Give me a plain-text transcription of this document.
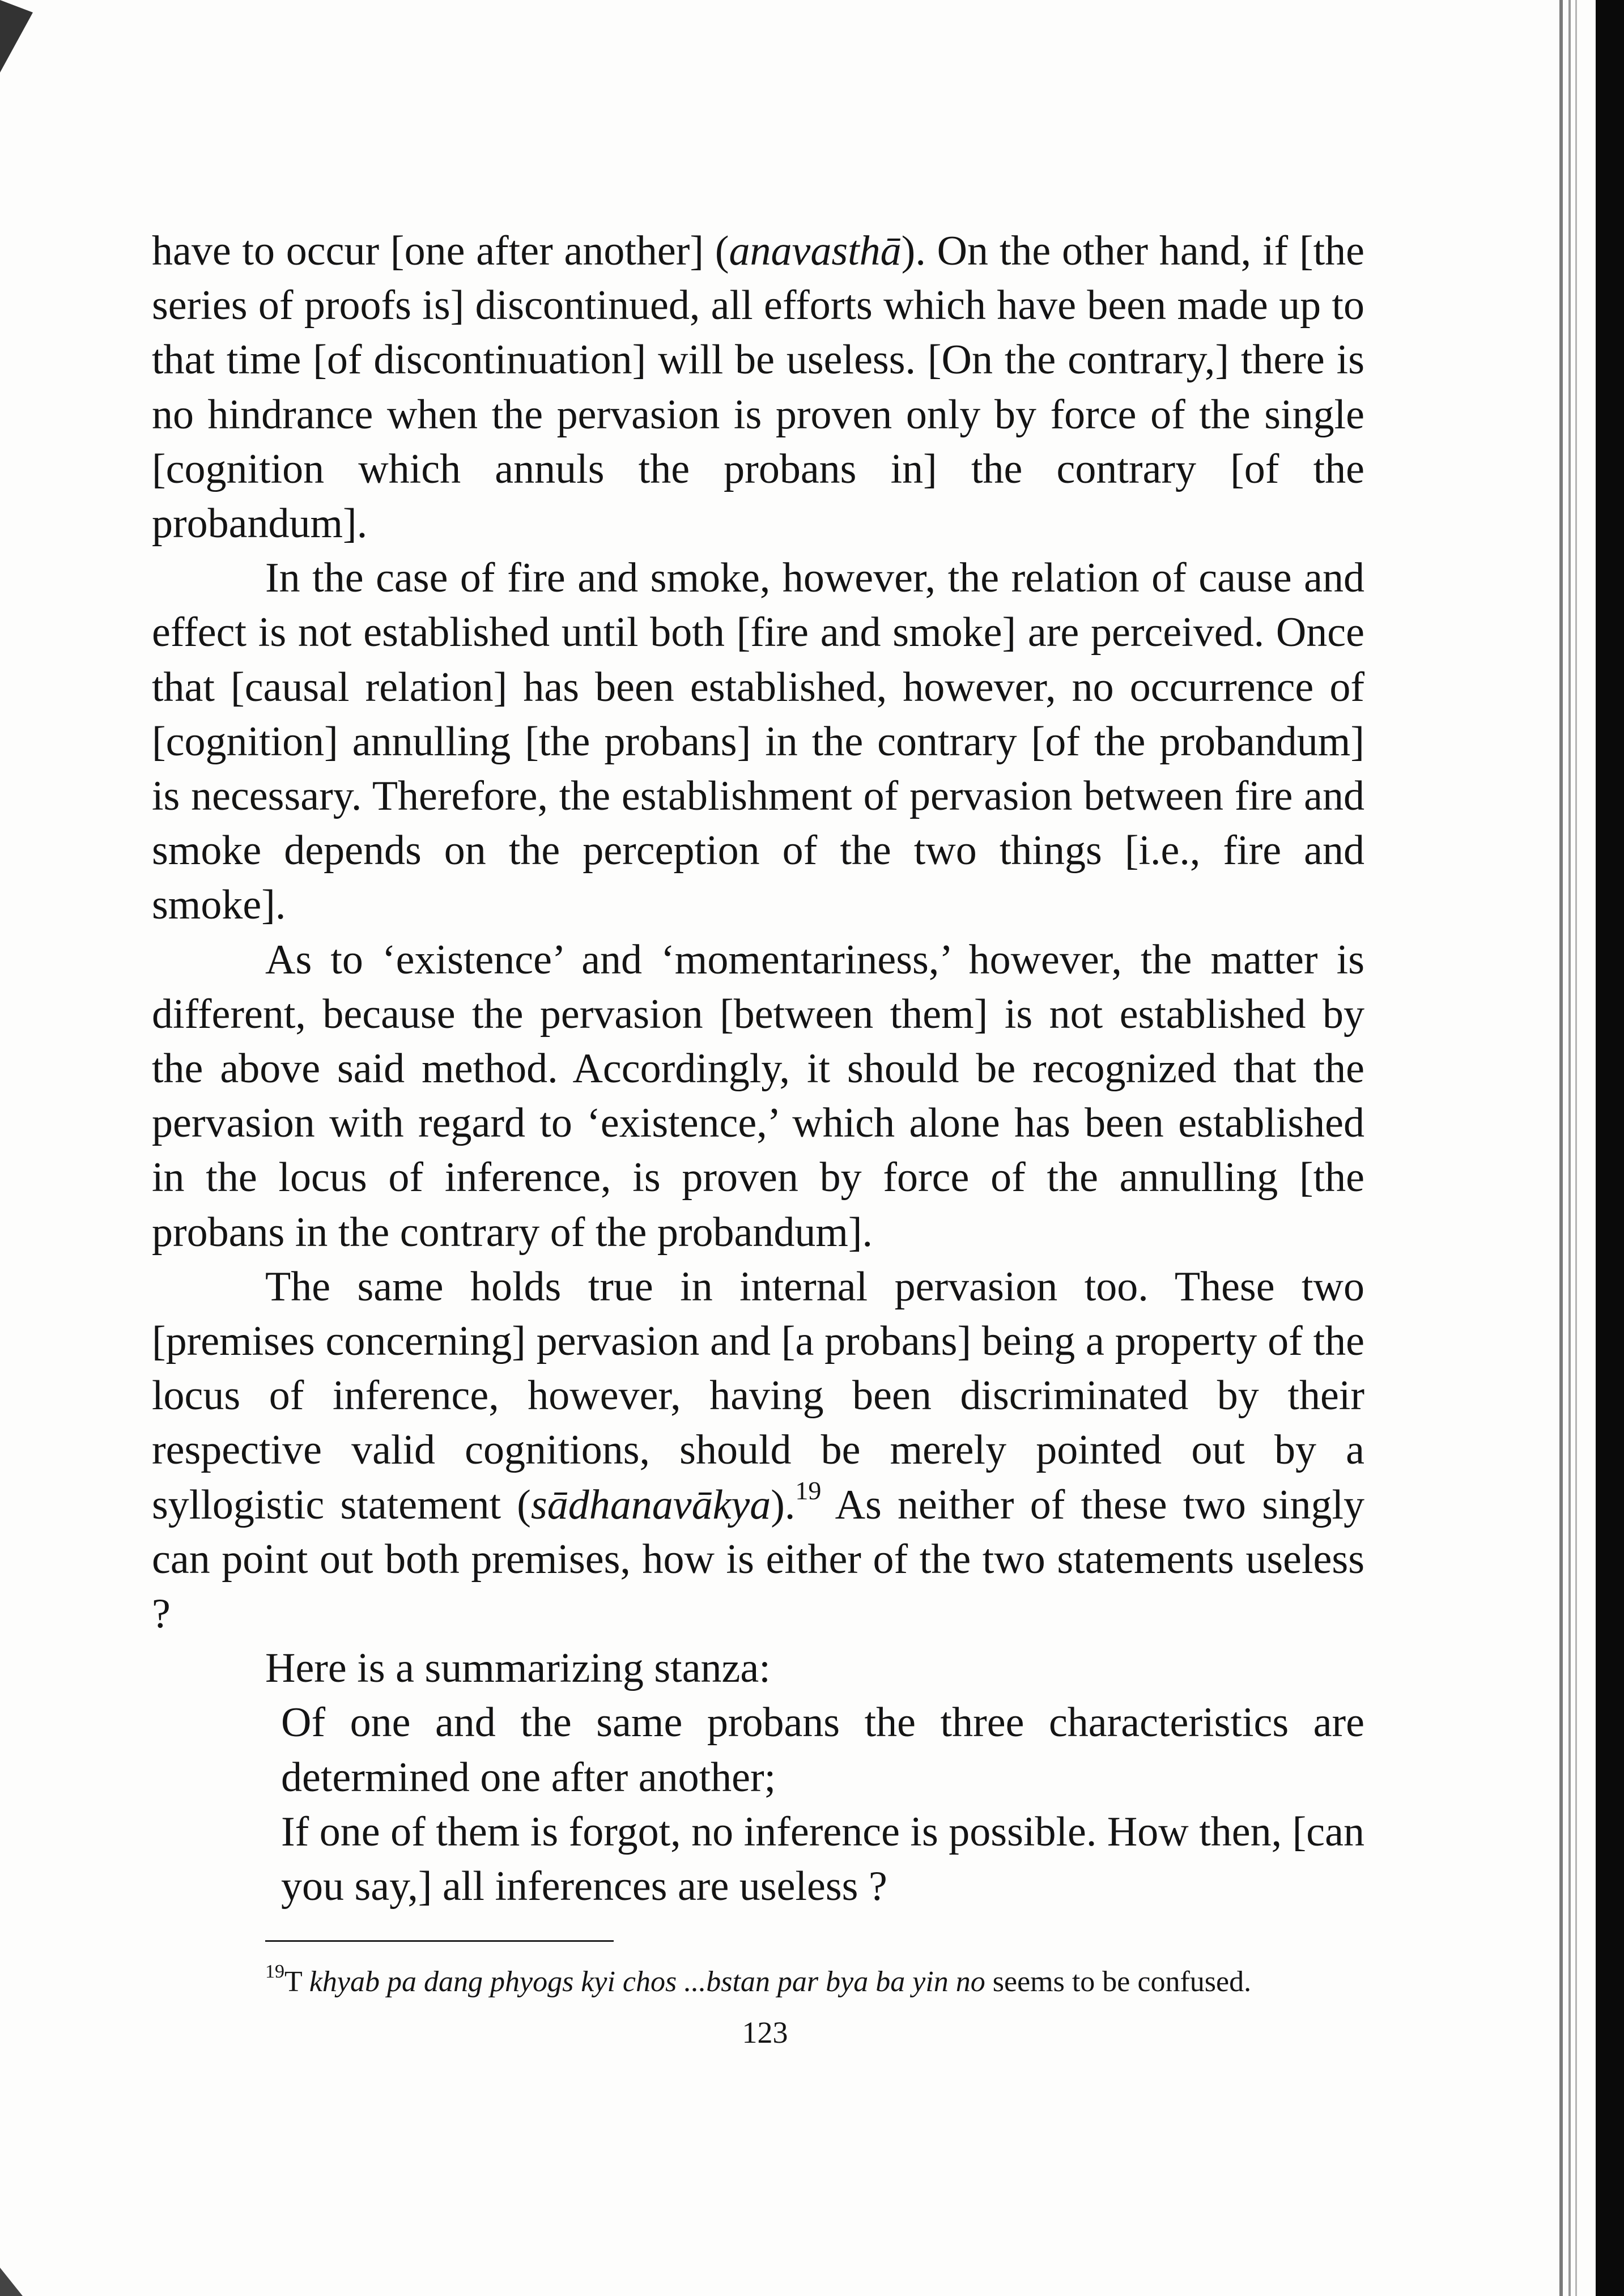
have to occur [one after another] (anavasthā). On the other hand, if [the series of proofs is] discontinued, all efforts which have been made up to that time [of discontinuation] will be useless. [On the contrary,] there is no hindrance when the pervasion is proven only by force of the single [cognition which annuls the probans in] the contrary [of the probandum].

In the case of fire and smoke, however, the relation of cause and effect is not established until both [fire and smoke] are perceived. Once that [causal relation] has been established, however, no occurrence of [cognition] annulling [the probans] in the contrary [of the probandum] is necessary. Therefore, the establishment of pervasion between fire and smoke depends on the perception of the two things [i.e., fire and smoke].

As to ‘existence’ and ‘momentariness,’ however, the matter is different, because the pervasion [between them] is not established by the above said method. Accordingly, it should be recognized that the pervasion with regard to ‘existence,’ which alone has been established in the locus of inference, is proven by force of the annulling [the probans in the contrary of the probandum].

The same holds true in internal pervasion too. These two [premises concerning] pervasion and [a probans] being a property of the locus of inference, however, having been discriminated by their respective valid cognitions, should be merely pointed out by a syllogistic statement (sādhanavākya).$^{19}$ As neither of these two singly can point out both premises, how is either of the two statements useless ?

Here is a summarizing stanza:

Of one and the same probans the three characteristics are determined one after another;

If one of them is forgot, no inference is possible. How then, [can you say,] all inferences are useless ?

$^{19}$T khyab pa dang phyogs kyi chos ...bstan par bya ba yin no seems to be confused.
123
